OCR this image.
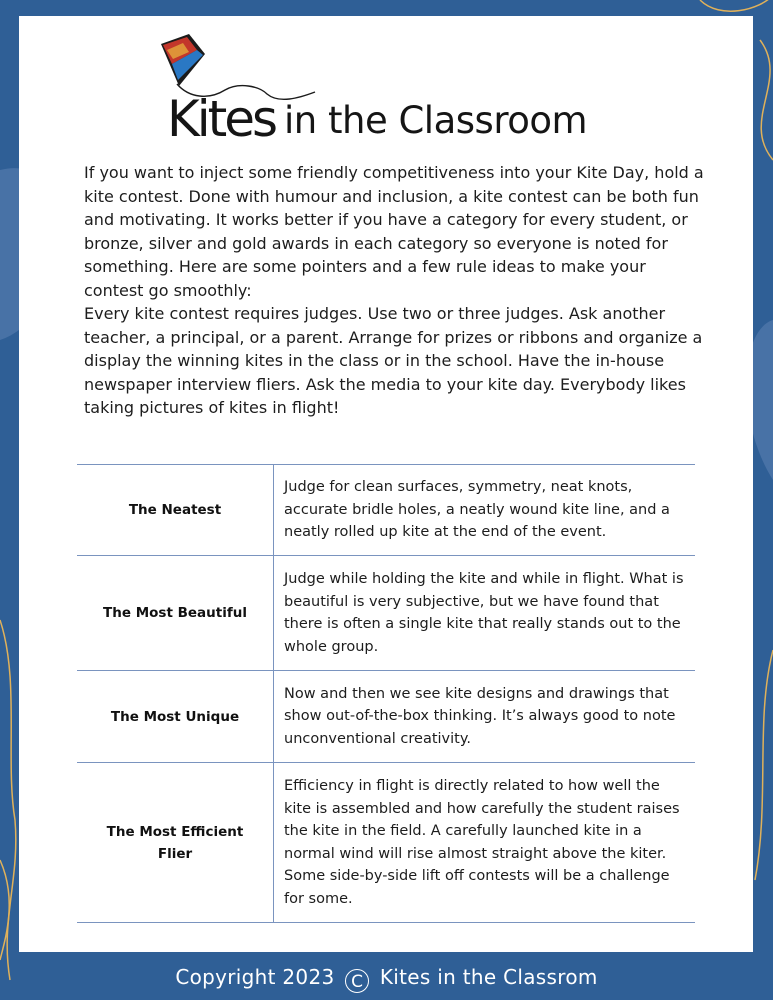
Kites in the Classroom

If you want to inject some friendly competitiveness into your Kite Day, hold a kite contest. Done with humour and inclusion, a kite contest can be both fun and motivating. It works better if you have a category for every student, or bronze, silver and gold awards in each category so everyone is noted for something. Here are some pointers and a few rule ideas to make your contest go smoothly:

Every kite contest requires judges. Use two or three judges. Ask another teacher, a principal, or a parent. Arrange for prizes or ribbons and organize a display the winning kites in the class or in the school. Have the in-house newspaper interview fliers. Ask the media to your kite day. Everybody likes taking pictures of kites in flight!

The Neatest	Judge for clean surfaces, symmetry, neat knots, accurate bridle holes, a neatly wound kite line, and a neatly rolled up kite at the end of the event.
The Most Beautiful	Judge while holding the kite and while in flight. What is beautiful is very subjective, but we have found that there is often a single kite that really stands out to the whole group.
The Most Unique	Now and then we see kite designs and drawings that show out-of-the-box thinking. It’s always good to note unconventional creativity.
The Most Efficient Flier	Efficiency in flight is directly related to how well the kite is assembled and how carefully the student raises the kite in the field. A carefully launched kite in a normal wind will rise almost straight above the kiter. Some side-by-side lift off contests will be a challenge for some.
Copyright 2023 C Kites in the Classrom
